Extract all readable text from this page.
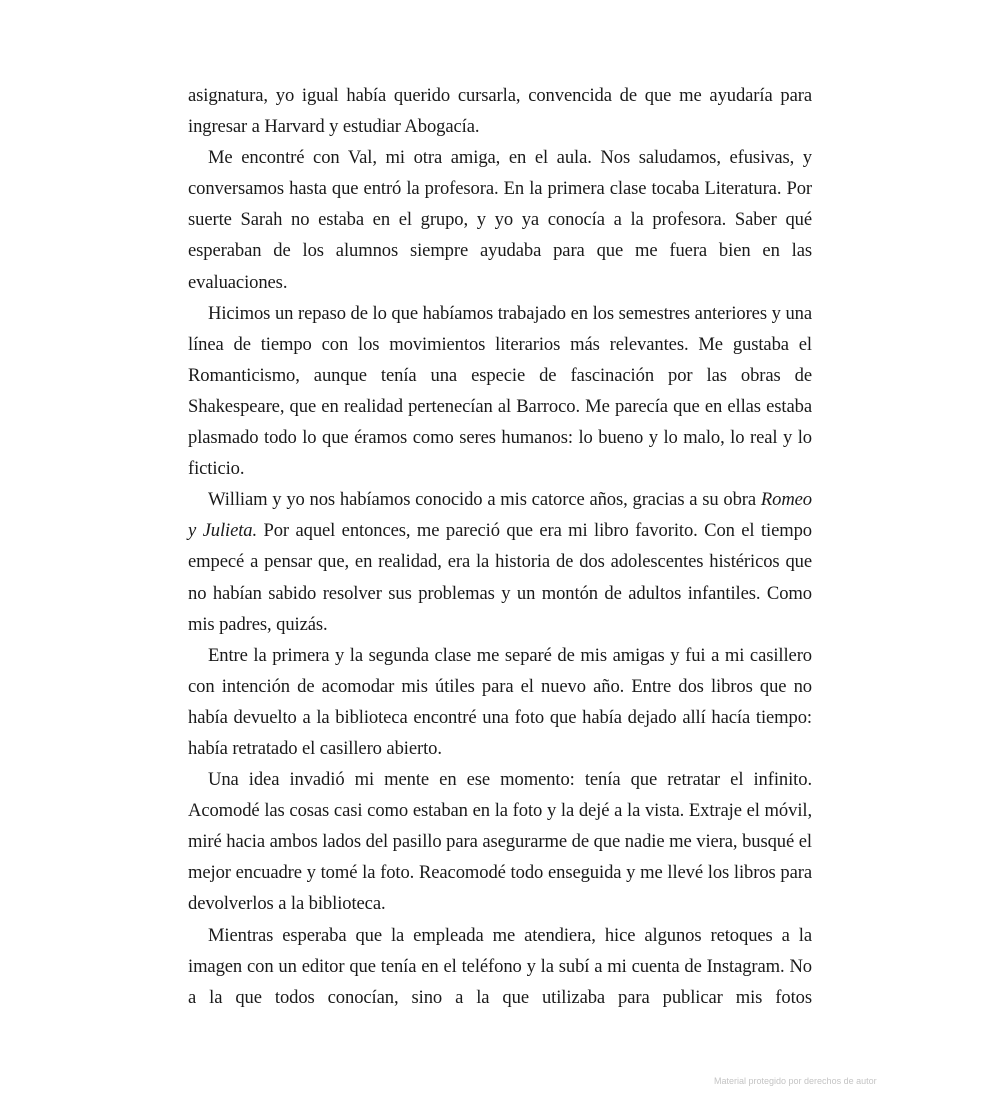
asignatura, yo igual había querido cursarla, convencida de que me ayudaría para ingresar a Harvard y estudiar Abogacía.

Me encontré con Val, mi otra amiga, en el aula. Nos saludamos, efusivas, y conversamos hasta que entró la profesora. En la primera clase tocaba Literatura. Por suerte Sarah no estaba en el grupo, y yo ya conocía a la profesora. Saber qué esperaban de los alumnos siempre ayudaba para que me fuera bien en las evaluaciones.

Hicimos un repaso de lo que habíamos trabajado en los semestres anteriores y una línea de tiempo con los movimientos literarios más relevantes. Me gustaba el Romanticismo, aunque tenía una especie de fascinación por las obras de Shakespeare, que en realidad pertenecían al Barroco. Me parecía que en ellas estaba plasmado todo lo que éramos como seres humanos: lo bueno y lo malo, lo real y lo ficticio.

William y yo nos habíamos conocido a mis catorce años, gracias a su obra Romeo y Julieta. Por aquel entonces, me pareció que era mi libro favorito. Con el tiempo empecé a pensar que, en realidad, era la historia de dos adolescentes histéricos que no habían sabido resolver sus problemas y un montón de adultos infantiles. Como mis padres, quizás.

Entre la primera y la segunda clase me separé de mis amigas y fui a mi casillero con intención de acomodar mis útiles para el nuevo año. Entre dos libros que no había devuelto a la biblioteca encontré una foto que había dejado allí hacía tiempo: había retratado el casillero abierto.

Una idea invadió mi mente en ese momento: tenía que retratar el infinito. Acomodé las cosas casi como estaban en la foto y la dejé a la vista. Extraje el móvil, miré hacia ambos lados del pasillo para asegurarme de que nadie me viera, busqué el mejor encuadre y tomé la foto. Reacomodé todo enseguida y me llevé los libros para devolverlos a la biblioteca.

Mientras esperaba que la empleada me atendiera, hice algunos retoques a la imagen con un editor que tenía en el teléfono y la subí a mi cuenta de Instagram. No a la que todos conocían, sino a la que utilizaba para publicar mis fotos

Material protegido por derechos de autor
